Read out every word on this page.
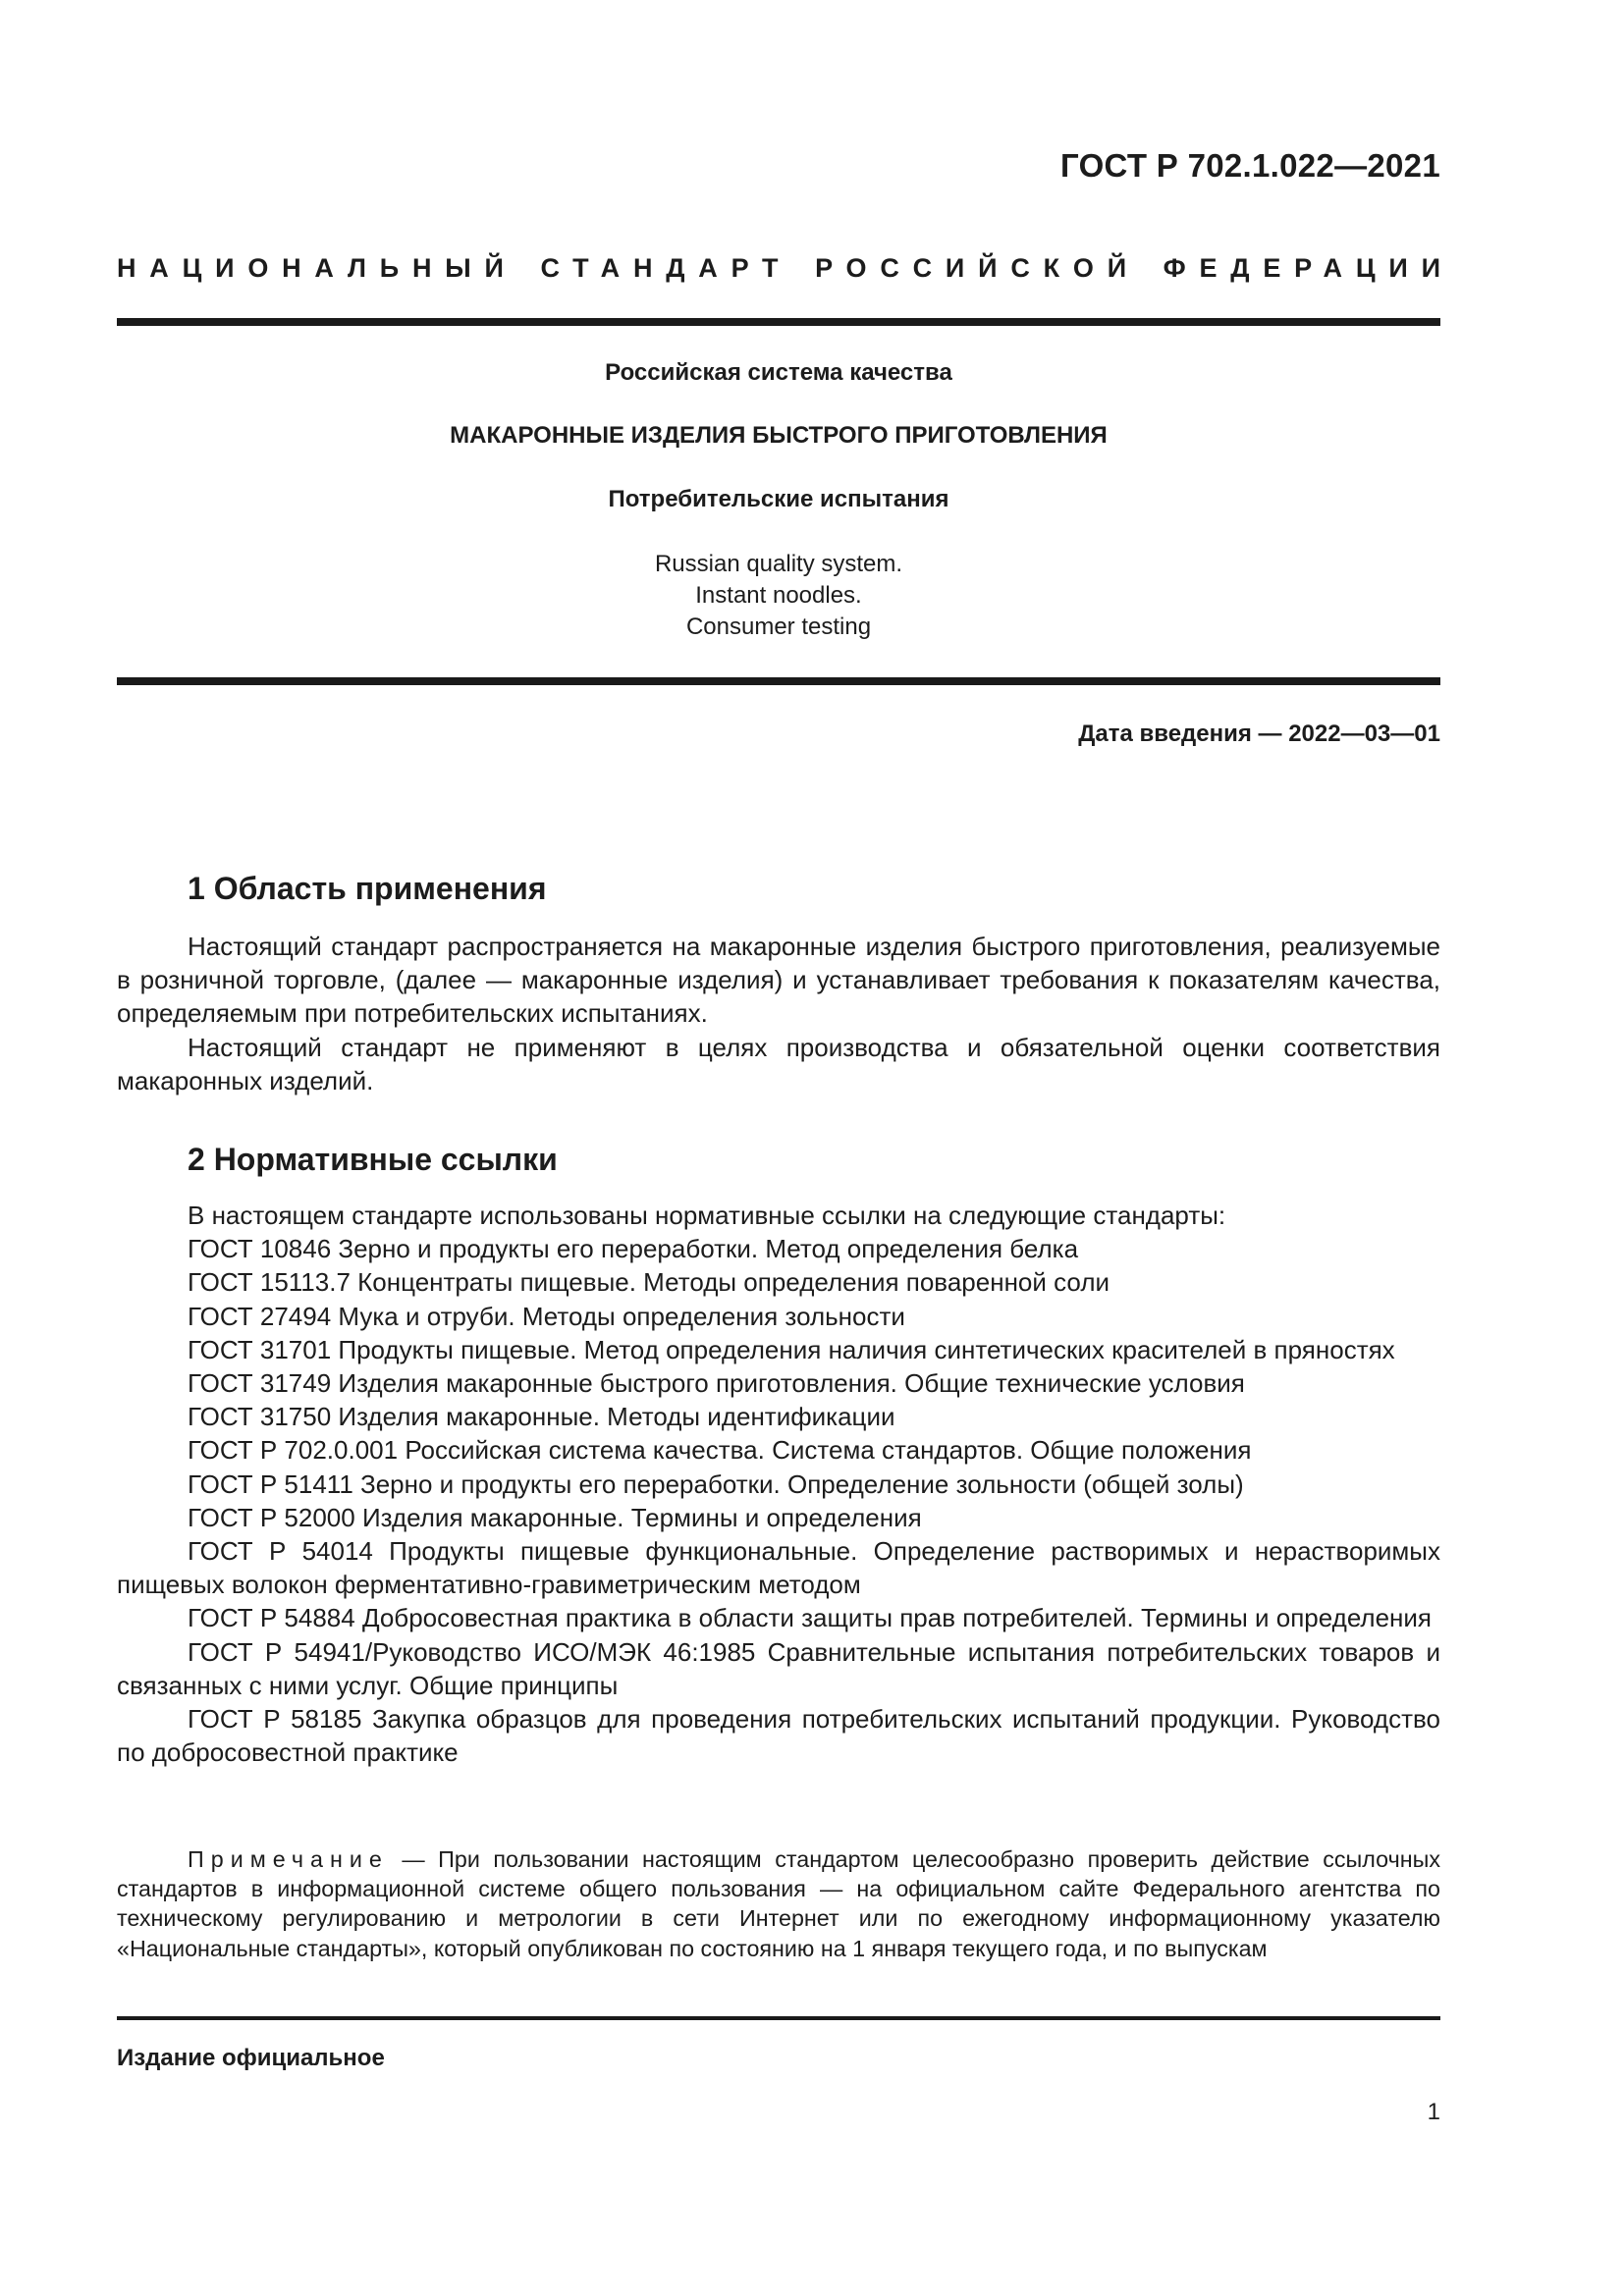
ГОСТ Р 702.1.022—2021
НАЦИОНАЛЬНЫЙ СТАНДАРТ РОССИЙСКОЙ ФЕДЕРАЦИИ
Российская система качества
МАКАРОННЫЕ ИЗДЕЛИЯ БЫСТРОГО ПРИГОТОВЛЕНИЯ
Потребительские испытания
Russian quality system.
Instant noodles.
Consumer testing
Дата введения — 2022—03—01
1 Область применения

Настоящий стандарт распространяется на макаронные изделия быстрого приготовления, реализуемые в розничной торговле, (далее — макаронные изделия) и устанавливает требования к показателям качества, определяемым при потребительских испытаниях.

Настоящий стандарт не применяют в целях производства и обязательной оценки соответствия макаронных изделий.

2 Нормативные ссылки

В настоящем стандарте использованы нормативные ссылки на следующие стандарты:

ГОСТ 10846 Зерно и продукты его переработки. Метод определения белка

ГОСТ 15113.7 Концентраты пищевые. Методы определения поваренной соли

ГОСТ 27494 Мука и отруби. Методы определения зольности

ГОСТ 31701 Продукты пищевые. Метод определения наличия синтетических красителей в пряностях

ГОСТ 31749 Изделия макаронные быстрого приготовления. Общие технические условия

ГОСТ 31750 Изделия макаронные. Методы идентификации

ГОСТ Р 702.0.001 Российская система качества. Система стандартов. Общие положения

ГОСТ Р 51411 Зерно и продукты его переработки. Определение зольности (общей золы)

ГОСТ Р 52000 Изделия макаронные. Термины и определения

ГОСТ Р 54014 Продукты пищевые функциональные. Определение растворимых и нерастворимых пищевых волокон ферментативно-гравиметрическим методом

ГОСТ Р 54884 Добросовестная практика в области защиты прав потребителей. Термины и определения

ГОСТ Р 54941/Руководство ИСО/МЭК 46:1985 Сравнительные испытания потребительских товаров и связанных с ними услуг. Общие принципы

ГОСТ Р 58185 Закупка образцов для проведения потребительских испытаний продукции. Руководство по добросовестной практике

Примечание — При пользовании настоящим стандартом целесообразно проверить действие ссылочных стандартов в информационной системе общего пользования — на официальном сайте Федерального агентства по техническому регулированию и метрологии в сети Интернет или по ежегодному информационному указателю «Национальные стандарты», который опубликован по состоянию на 1 января текущего года, и по выпускам

Издание официальное
1
